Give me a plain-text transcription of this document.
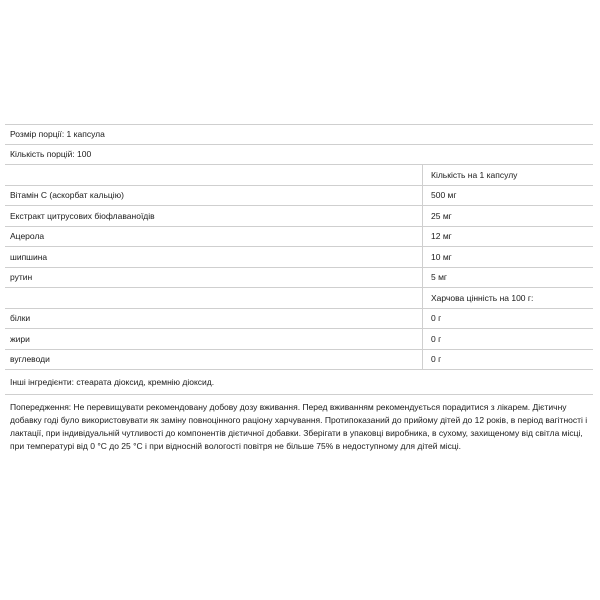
Розмір порції: 1 капсула
Кількість порцій: 100
Кількість на 1 капсулу
Вітамін С (аскорбат кальцію)	500 мг
Екстракт цитрусових біофлаваноїдів	25 мг
Ацерола	12 мг
шипшина	10 мг
рутин	5 мг
Харчова цінність на 100 г:
білки	0 г
жири	0 г
вуглеводи	0 г
Інші інгредієнти: стеарата діоксид, кремнію діоксид.
Попередження: Не перевищувати рекомендовану добову дозу вживання. Перед вживанням рекомендується порадитися з лікарем. Дієтичну добавку годі було використовувати як заміну повноцінного раціону харчування. Протипоказаний до прийому дітей до 12 років, в період вагітності і лактації, при індивідуальній чутливості до компонентів дієтичної добавки. Зберігати в упаковці виробника, в сухому, захищеному від світла місці, при температурі від 0 °С до 25 °С і при відносній вологості повітря не більше 75% в недоступному для дітей місці.
